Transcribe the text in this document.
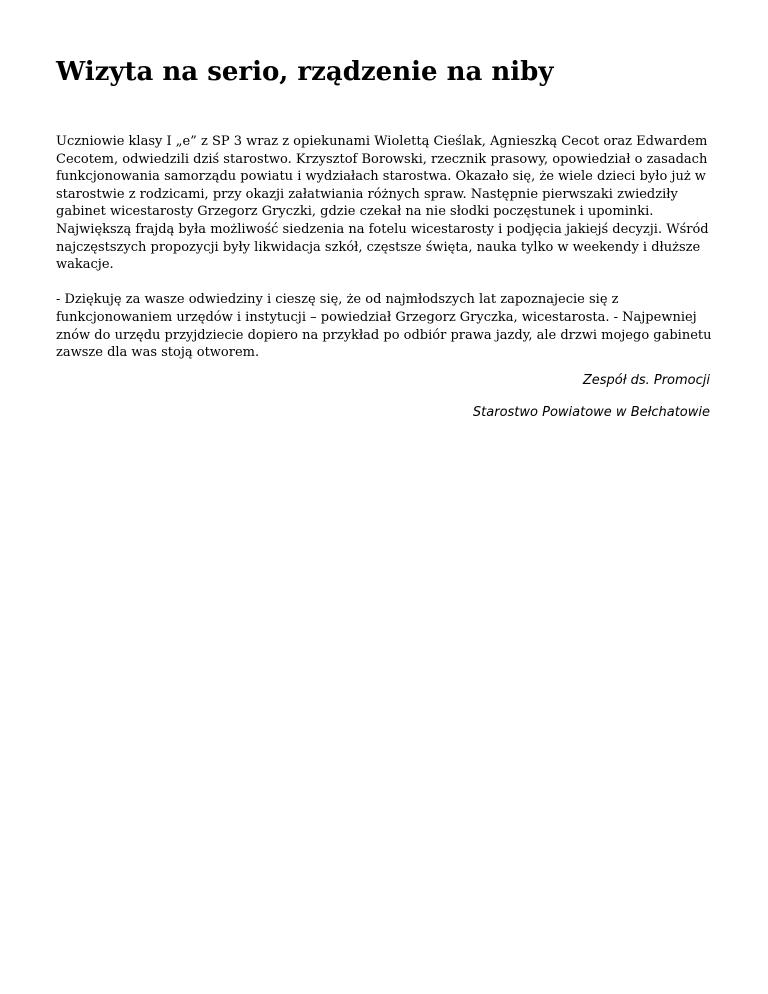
Wizyta na serio, rządzenie na niby

Uczniowie klasy I „e” z SP 3 wraz z opiekunami Wiolettą Cieślak, Agnieszką Cecot oraz Edwardem Cecotem, odwiedzili dziś starostwo. Krzysztof Borowski, rzecznik prasowy, opowiedział o zasadach funkcjonowania samorządu powiatu i wydziałach starostwa. Okazało się, że wiele dzieci było już w starostwie z rodzicami, przy okazji załatwiania różnych spraw. Następnie pierwszaki zwiedziły gabinet wicestarosty Grzegorz Gryczki, gdzie czekał na nie słodki poczęstunek i upominki. Największą frajdą była możliwość siedzenia na fotelu wicestarosty i podjęcia jakiejś decyzji. Wśród najczęstszych propozycji były likwidacja szkół, częstsze święta, nauka tylko w weekendy i dłuższe wakacje.

- Dziękuję za wasze odwiedziny i cieszę się, że od najmłodszych lat zapoznajecie się z funkcjonowaniem urzędów i instytucji – powiedział Grzegorz Gryczka, wicestarosta. - Najpewniej znów do urzędu przyjdziecie dopiero na przykład po odbiór prawa jazdy, ale drzwi mojego gabinetu zawsze dla was stoją otworem.

Zespół ds. Promocji

Starostwo Powiatowe w Bełchatowie
